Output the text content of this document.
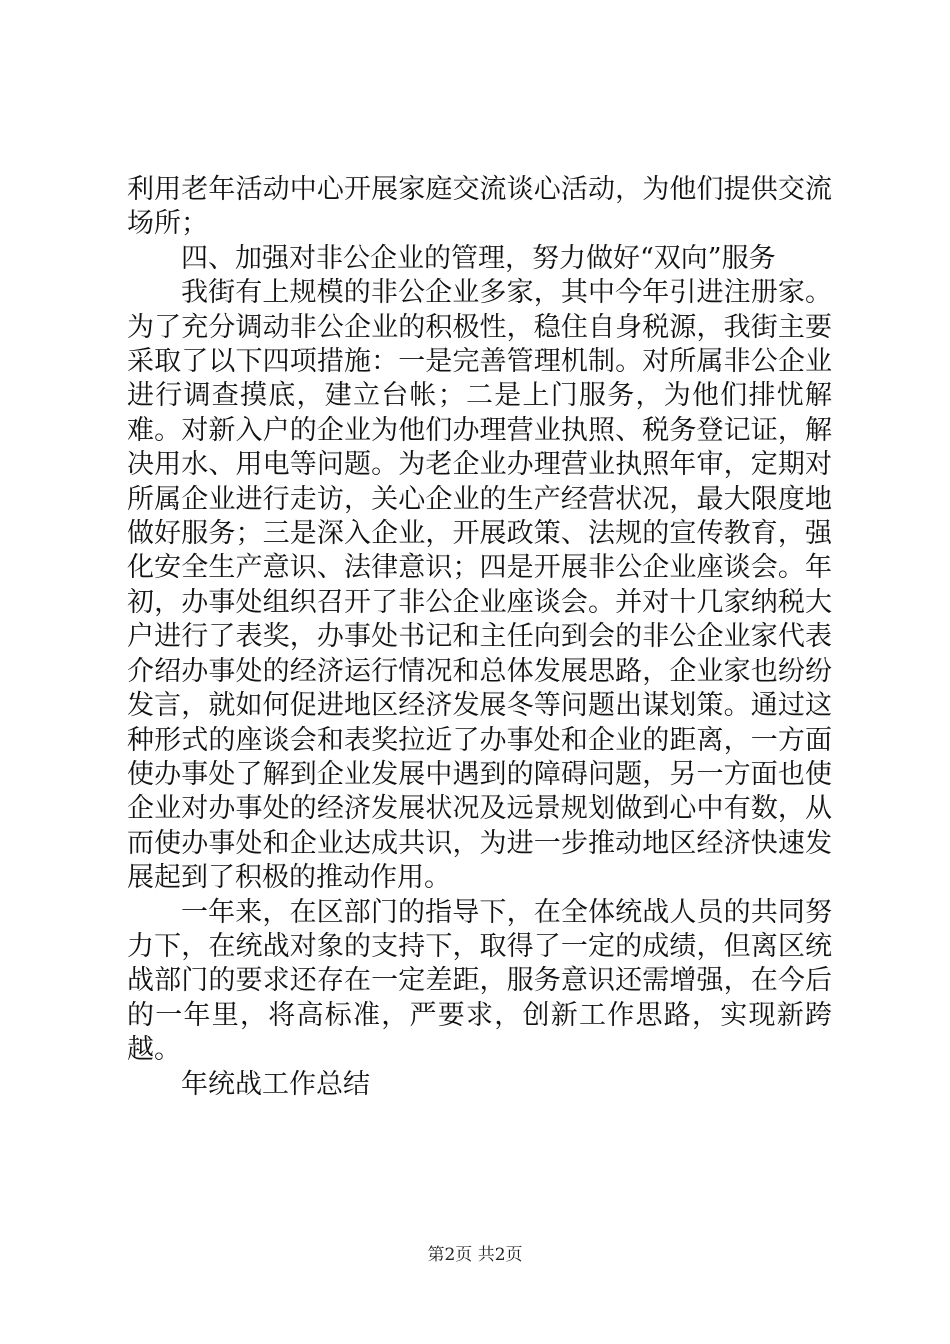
利用老年活动中心开展家庭交流谈心活动，为他们提供交流场所；

四、加强对非公企业的管理，努力做好“双向”服务

我街有上规模的非公企业多家，其中今年引进注册家。为了充分调动非公企业的积极性，稳住自身税源，我街主要采取了以下四项措施：一是完善管理机制。对所属非公企业进行调查摸底，建立台帐；二是上门服务，为他们排忧解难。对新入户的企业为他们办理营业执照、税务登记证，解决用水、用电等问题。为老企业办理营业执照年审，定期对所属企业进行走访，关心企业的生产经营状况，最大限度地做好服务；三是深入企业，开展政策、法规的宣传教育，强化安全生产意识、法律意识；四是开展非公企业座谈会。年初，办事处组织召开了非公企业座谈会。并对十几家纳税大户进行了表奖，办事处书记和主任向到会的非公企业家代表介绍办事处的经济运行情况和总体发展思路，企业家也纷纷发言，就如何促进地区经济发展冬等问题出谋划策。通过这种形式的座谈会和表奖拉近了办事处和企业的距离，一方面使办事处了解到企业发展中遇到的障碍问题，另一方面也使企业对办事处的经济发展状况及远景规划做到心中有数，从而使办事处和企业达成共识，为进一步推动地区经济快速发展起到了积极的推动作用。

一年来，在区部门的指导下，在全体统战人员的共同努力下，在统战对象的支持下，取得了一定的成绩，但离区统战部门的要求还存在一定差距，服务意识还需增强，在今后的一年里，将高标准，严要求，创新工作思路，实现新跨越。

年统战工作总结

第2页 共2页
